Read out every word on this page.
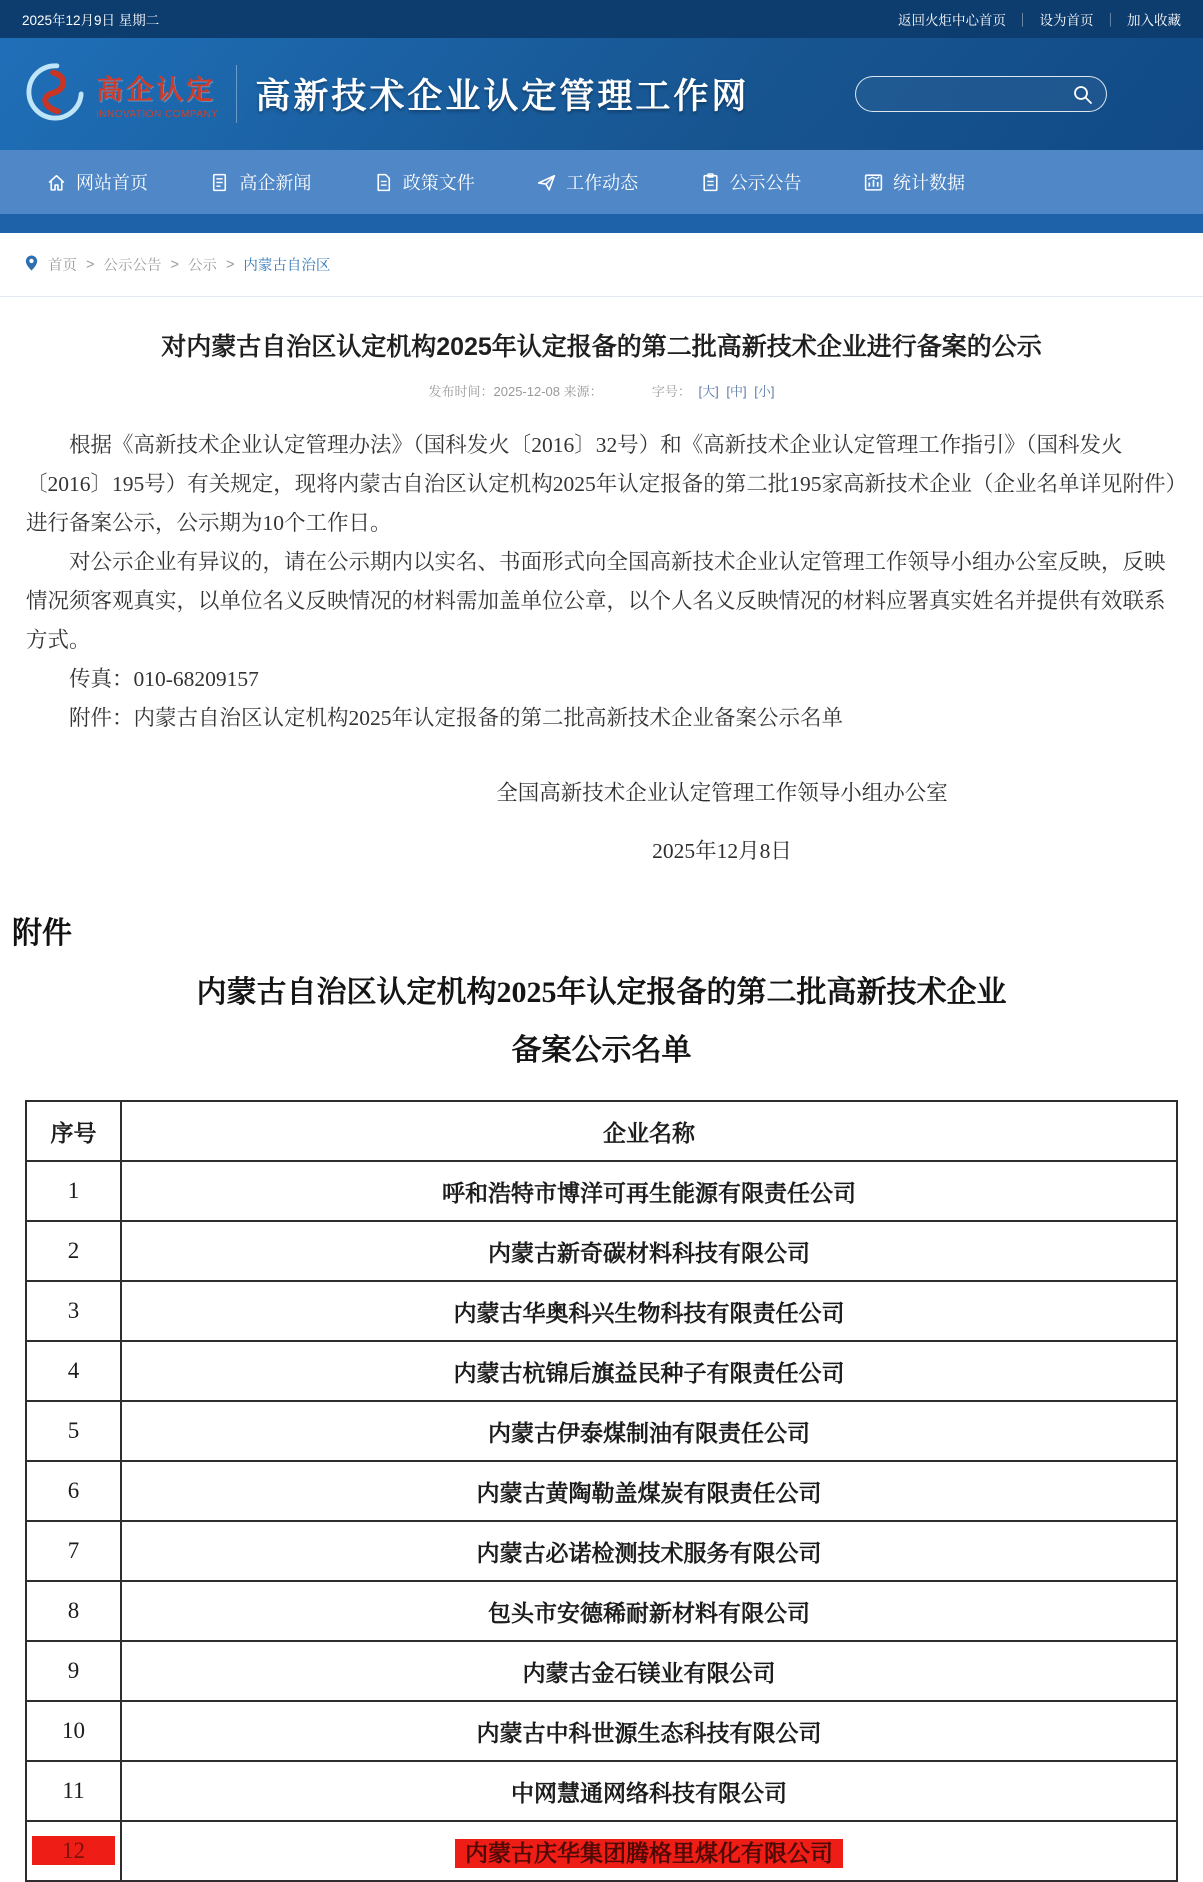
2025年12月9日 星期二	返回火炬中心首页 ｜ 设为首页 ｜ 加入收藏
高企认定
INNOVATION COMPANY 高新技术企业认定管理工作网
网站首页	高企新闻	政策文件	工作动态	公示公告	统计数据
首页 > 公示公告 > 公示 > 内蒙古自治区
对内蒙古自治区认定机构2025年认定报备的第二批高新技术企业进行备案的公示
发布时间：2025-12-08 来源：	字号： [大] [中] [小]

根据《高新技术企业认定管理办法》（国科发火〔2016〕32号）和《高新技术企业认定管理工作指引》（国科发火〔2016〕195号）有关规定，现将内蒙古自治区认定机构2025年认定报备的第二批195家高新技术企业（企业名单详见附件）进行备案公示，公示期为10个工作日。

对公示企业有异议的，请在公示期内以实名、书面形式向全国高新技术企业认定管理工作领导小组办公室反映，反映情况须客观真实，以单位名义反映情况的材料需加盖单位公章，以个人名义反映情况的材料应署真实姓名并提供有效联系方式。

传真：010-68209157

附件：内蒙古自治区认定机构2025年认定报备的第二批高新技术企业备案公示名单

全国高新技术企业认定管理工作领导小组办公室
2025年12月8日
附件
内蒙古自治区认定机构2025年认定报备的第二批高新技术企业
备案公示名单
序号	企业名称
1	呼和浩特市博洋可再生能源有限责任公司
2	内蒙古新奇碳材料科技有限公司
3	内蒙古华奥科兴生物科技有限责任公司
4	内蒙古杭锦后旗益民种子有限责任公司
5	内蒙古伊泰煤制油有限责任公司
6	内蒙古黄陶勒盖煤炭有限责任公司
7	内蒙古必诺检测技术服务有限公司
8	包头市安德稀耐新材料有限公司
9	内蒙古金石镁业有限公司
10	内蒙古中科世源生态科技有限公司
11	中网慧通网络科技有限公司
12	内蒙古庆华集团腾格里煤化有限公司
